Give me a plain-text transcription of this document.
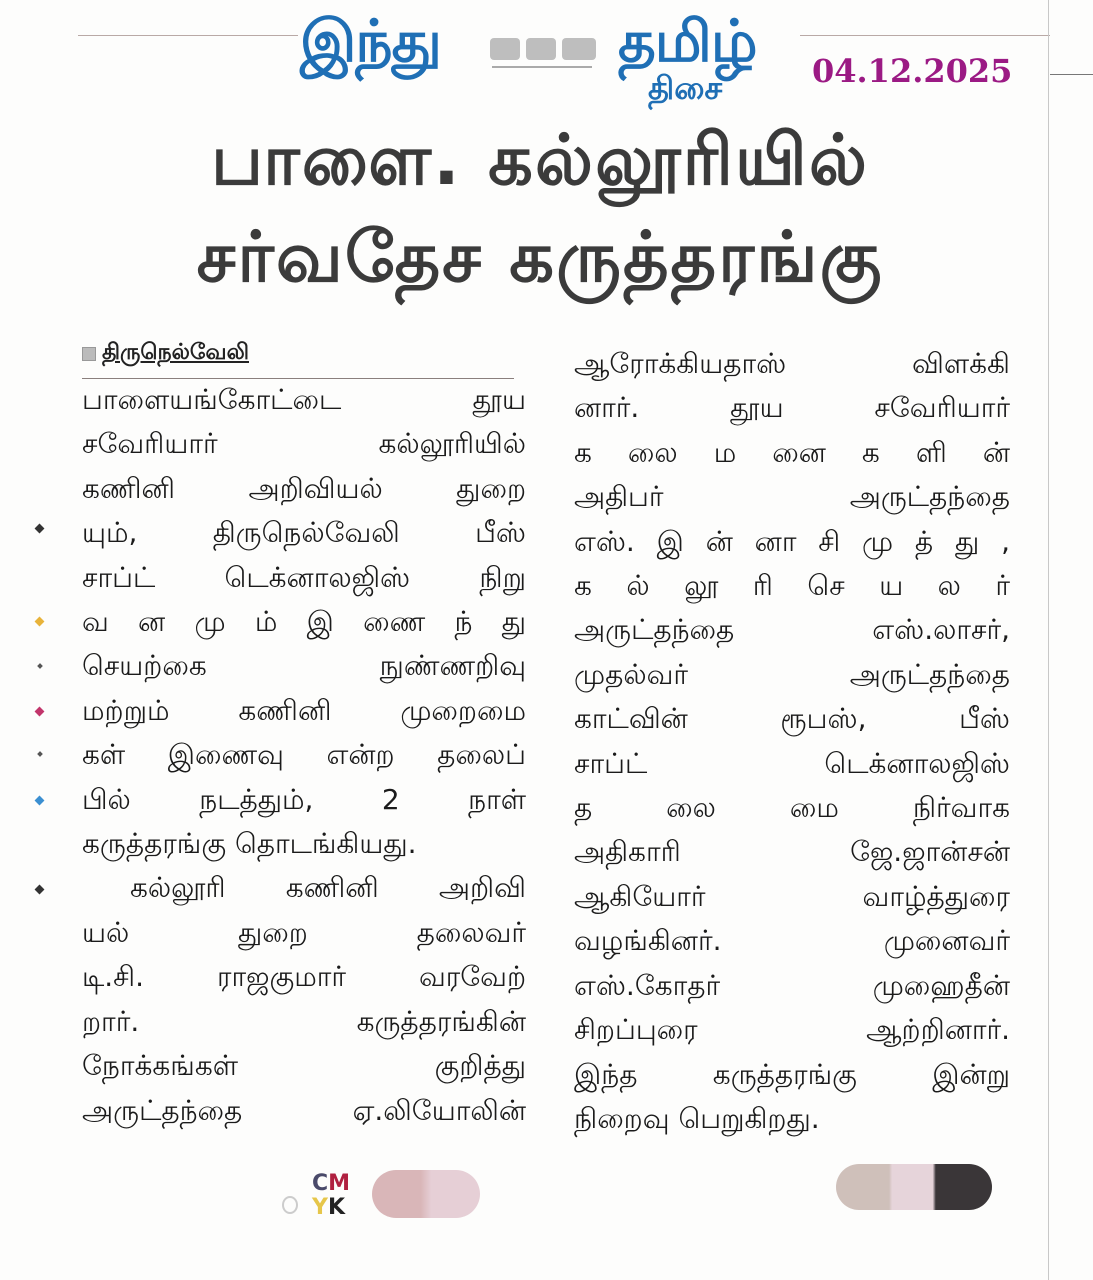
இந்து	தமிழ்
திசை	04.12.2025
பாளை. கல்லூரியில்
சர்வதேச கருத்தரங்கு
திருநெல்வேலி
பாளையங்கோட்டை தூய
சவேரியார் கல்லூரியில்
கணினி அறிவியல் துறை
யும், திருநெல்வேலி பீஸ்
சாப்ட் டெக்னாலஜிஸ் நிறு
வ ன மு ம் இ ணை ந் து
செயற்கை நுண்ணறிவு
மற்றும் கணினி முறைமை
கள் இணைவு என்ற தலைப்
பில் நடத்தும், 2 நாள்
கருத்தரங்கு தொடங்கியது.
கல்லூரி கணினி அறிவி
யல் துறை தலைவர்
டி.சி. ராஜகுமார் வரவேற்
றார். கருத்தரங்கின்
நோக்கங்கள் குறித்து
அருட்தந்தை ஏ.லியோலின்
ஆரோக்கியதாஸ் விளக்கி
னார். தூய சவேரியார்
க லை ம னை க ளி ன்
அதிபர் அருட்தந்தை
எஸ். இ ன் னா சி மு த் து ,
க ல் லூ ரி செ ய ல ர்
அருட்தந்தை எஸ்.லாசர்,
முதல்வர் அருட்தந்தை
காட்வின் ரூபஸ், பீஸ்
சாப்ட் டெக்னாலஜிஸ்
த லை மை நிர்வாக
அதிகாரி ஜே.ஜான்சன்
ஆகியோர் வாழ்த்துரை
வழங்கினர். முனைவர்
எஸ்.கோதர் முஹைதீன்
சிறப்புரை ஆற்றினார்.
இந்த கருத்தரங்கு இன்று
நிறைவு பெறுகிறது.
CM
YK
